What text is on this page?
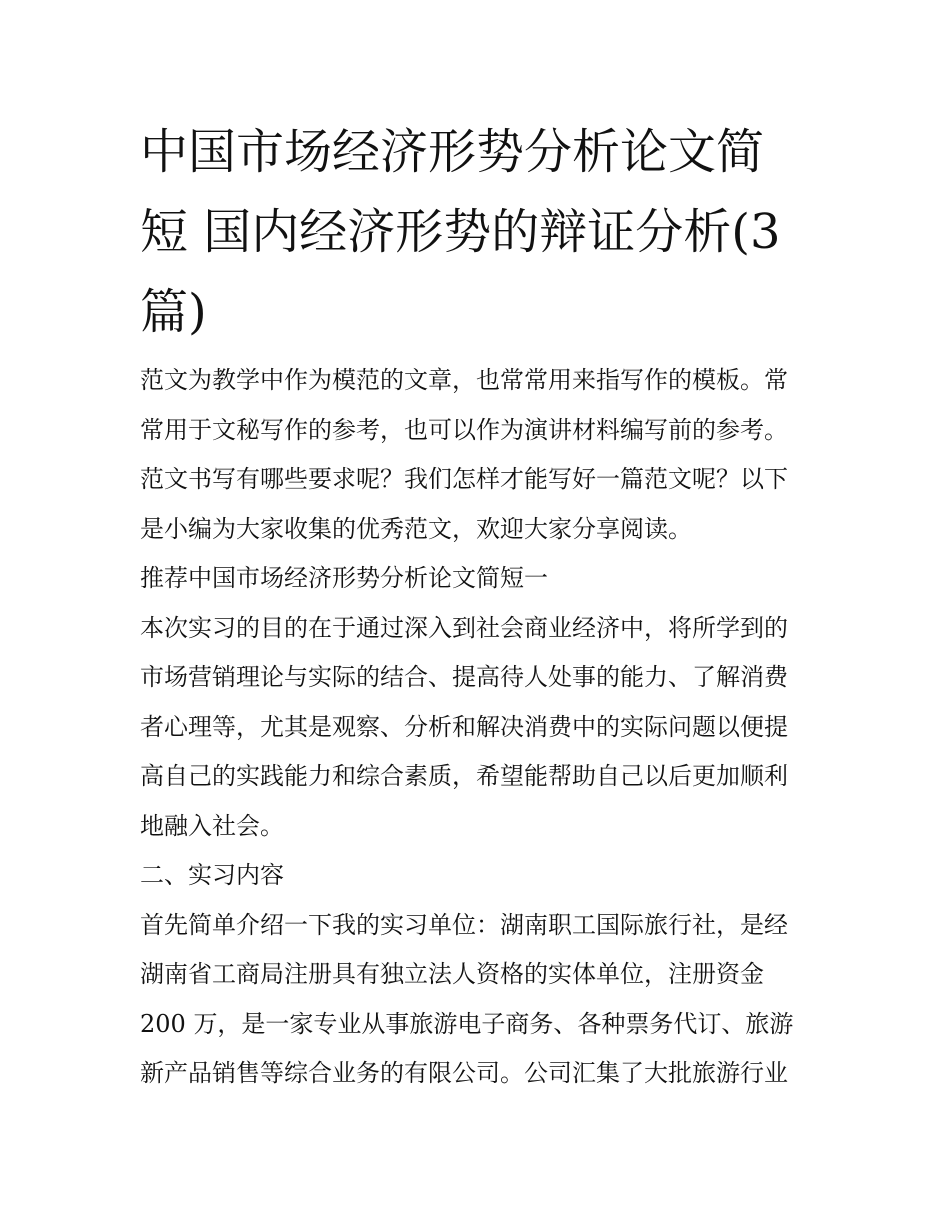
中国市场经济形势分析论文简
短 国内经济形势的辩证分析(3
篇)
范文为教学中作为模范的文章，也常常用来指写作的模板。常
常用于文秘写作的参考，也可以作为演讲材料编写前的参考。
范文书写有哪些要求呢？我们怎样才能写好一篇范文呢？以下
是小编为大家收集的优秀范文，欢迎大家分享阅读。
推荐中国市场经济形势分析论文简短一
本次实习的目的在于通过深入到社会商业经济中，将所学到的
市场营销理论与实际的结合、提高待人处事的能力、了解消费
者心理等，尤其是观察、分析和解决消费中的实际问题以便提
高自己的实践能力和综合素质，希望能帮助自己以后更加顺利
地融入社会。
二、实习内容
首先简单介绍一下我的实习单位：湖南职工国际旅行社，是经
湖南省工商局注册具有独立法人资格的实体单位，注册资金
200 万，是一家专业从事旅游电子商务、各种票务代订、旅游
新产品销售等综合业务的有限公司。公司汇集了大批旅游行业
